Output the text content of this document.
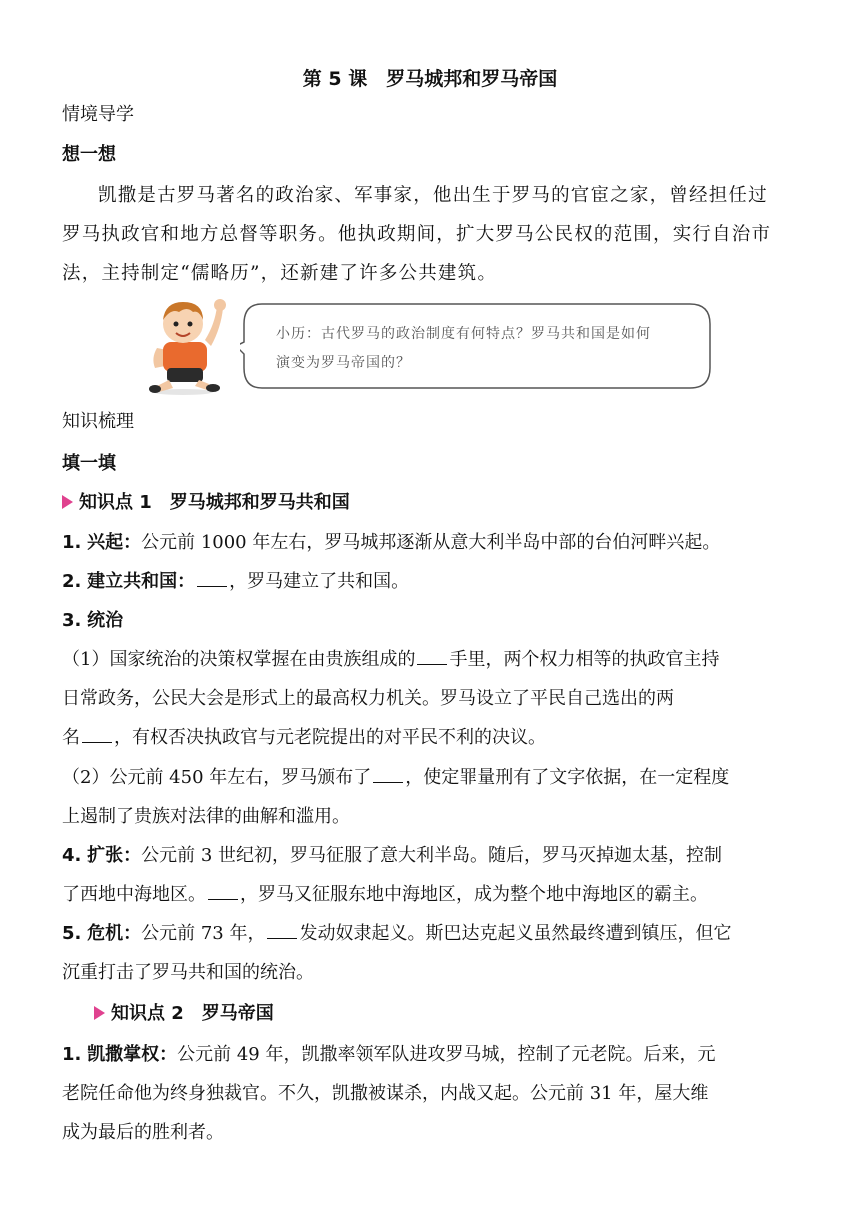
第 5 课　罗马城邦和罗马帝国
情境导学
想一想
凯撒是古罗马著名的政治家、军事家，他出生于罗马的官宦之家，曾经担任过
罗马执政官和地方总督等职务。他执政期间，扩大罗马公民权的范围，实行自治市
法，主持制定“儒略历”，还新建了许多公共建筑。
小历：古代罗马的政治制度有何特点？罗马共和国是如何
演变为罗马帝国的？
知识梳理
填一填
知识点 1　罗马城邦和罗马共和国
1. 兴起：公元前 1000 年左右，罗马城邦逐渐从意大利半岛中部的台伯河畔兴起。
2. 建立共和国： ，罗马建立了共和国。
3. 统治
（1）国家统治的决策权掌握在由贵族组成的 手里，两个权力相等的执政官主持
日常政务，公民大会是形式上的最高权力机关。罗马设立了平民自己选出的两
名 ，有权否决执政官与元老院提出的对平民不利的决议。
（2）公元前 450 年左右，罗马颁布了 ，使定罪量刑有了文字依据，在一定程度
上遏制了贵族对法律的曲解和滥用。
4. 扩张：公元前 3 世纪初，罗马征服了意大利半岛。随后，罗马灭掉迦太基，控制
了西地中海地区。 ，罗马又征服东地中海地区，成为整个地中海地区的霸主。
5. 危机：公元前 73 年， 发动奴隶起义。斯巴达克起义虽然最终遭到镇压，但它
沉重打击了罗马共和国的统治。
知识点 2　罗马帝国
1. 凯撒掌权：公元前 49 年，凯撒率领军队进攻罗马城，控制了元老院。后来，元
老院任命他为终身独裁官。不久，凯撒被谋杀，内战又起。公元前 31 年，屋大维
成为最后的胜利者。
